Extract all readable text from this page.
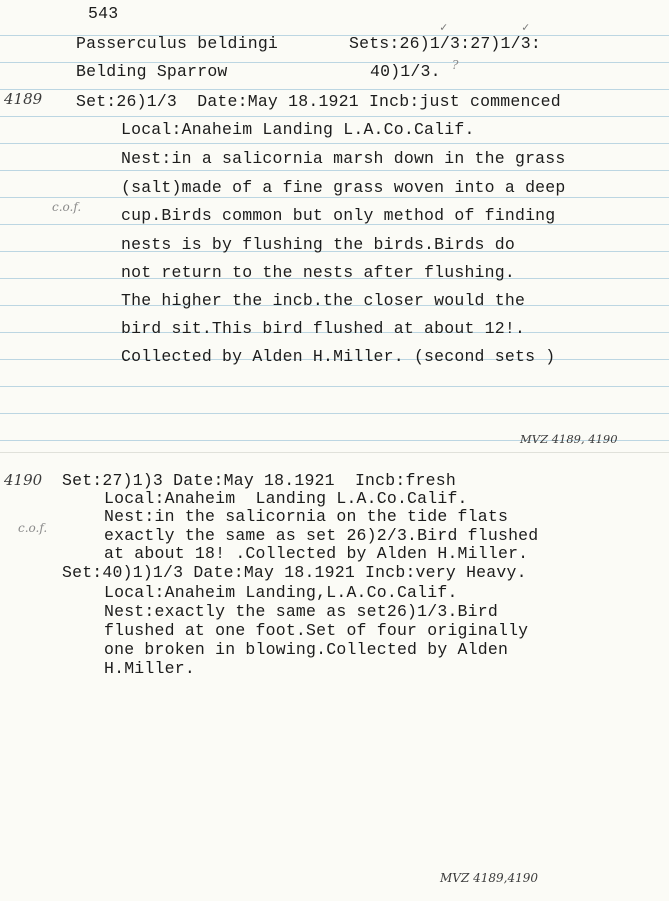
543
✓	✓
Passerculus beldingi	Sets:26)1/3:27)1/3:
Belding Sparrow	40)1/3. ?
4189 Set:26)1/3  Date:May 18.1921 Incb:just commenced
Local:Anaheim Landing L.A.Co.Calif.
Nest:in a salicornia marsh down in the grass
(salt)made of a fine grass woven into a deep
cup.Birds common but only method of finding
nests is by flushing the birds.Birds do
not return to the nests after flushing.
The higher the incb.the closer would the
bird sit.This bird flushed at about 12!.
Collected by Alden H.Miller. (second sets )
c.o.f.
MVZ 4189, 4190
4190
c.o.f.
Set:27)1)3 Date:May 18.1921  Incb:fresh
Local:Anaheim  Landing L.A.Co.Calif.
Nest:in the salicornia on the tide flats
exactly the same as set 26)2/3.Bird flushed
at about 18! .Collected by Alden H.Miller.
Set:40)1)1/3 Date:May 18.1921 Incb:very Heavy.
Local:Anaheim Landing,L.A.Co.Calif.
Nest:exactly the same as set26)1/3.Bird
flushed at one foot.Set of four originally
one broken in blowing.Collected by Alden
H.Miller.
MVZ 4189,4190
